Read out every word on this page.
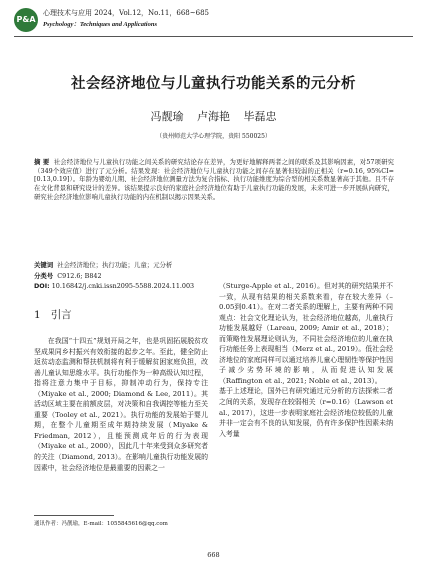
P&A
心理技术与应用 2024，Vol.12，No.11，668~685
Psychology：Techniques and Applications
社会经济地位与儿童执行功能关系的元分析
冯靓瑜 卢海艳 毕磊忠
（贵州师范大学心理学院，贵阳 550025）
摘 要 社会经济地位与儿童执行功能之间关系的研究结论存在差异，为更好地解释两者之间的联系及其影响因素，对57项研究（349个效应值）进行了元分析。结果发现：社会经济地位与儿童执行功能之间存在显著但较弱的正相关（r=0.16, 95%CI=[0.13,0.19]）。年龄为婴幼儿期、社会经济地位测量方法为复合指标、执行功能维度为综合型的相关系数显著高于其他。且不存在文化背景和研究设计的差异。该结果提示良好的家庭社会经济地位有助于儿童执行功能的发展，未来可进一步开展纵向研究，研究社会经济地位影响儿童执行功能的内在机制以揭示因果关系。
关键词 社会经济地位；执行功能；儿童；元分析
分类号 C912.6; B842
DOI: 10.16842/j.cnki.issn2095-5588.2024.11.003
1 引言
在我国“十四五”规划开局之年，也是巩固拓展脱贫攻坚成果同乡村振兴有效衔接的起步之年。至此，健全防止返贫动态监测和帮扶机制将有利于缓解贫困家庭负担，改善儿童认知思维水平。执行功能作为一种高级认知过程，指将注意力集中于目标，抑制冲动行为，保持专注（Miyake et al., 2000; Diamond & Lee, 2011）。其活动区域主要在前额皮层，对决策和自我调控等能力至关重要（Tooley et al., 2021）。执行功能的发展始于婴儿期，在整个儿童期至成年期持续发展（Miyake & Friedman, 2012），且能预测成年后的行为表现（Miyake et al., 2000），因此几十年来受到众多研究者的关注（Diamond, 2013）。在影响儿童执行功能发展的因素中，社会经济地位是最重要的因素之一
（Sturge-Apple et al., 2016）。但对其的研究结果并不一致，从现有结果的相关系数来看，存在较大差异（–0.05到0.41）。在对二者关系的理解上，主要有两种不同观点：社会文化理论认为，社会经济地位越高，儿童执行功能发展越好（Lareau, 2009; Amir et al., 2018）；而策略性发展理论则认为，不同社会经济地位的儿童在执行功能任务上表现相当（Merz et al., 2019）。低社会经济地位的家庭同样可以通过培养儿童心理韧性等保护性因子减少劣势环境的影响，从而促进认知发展（Raffington et al., 2021; Noble et al., 2013）。
基于上述理论，国外已有研究通过元分析的方法探索二者之间的关系，发现存在较弱相关（r=0.16）（Lawson et al., 2017），这进一步表明家庭社会经济地位较低的儿童并非一定会有不良的认知发展，仍有许多保护性因素未纳入考量
通讯作者：冯靓瑜，E-mail：1055845616@qq.com
668
